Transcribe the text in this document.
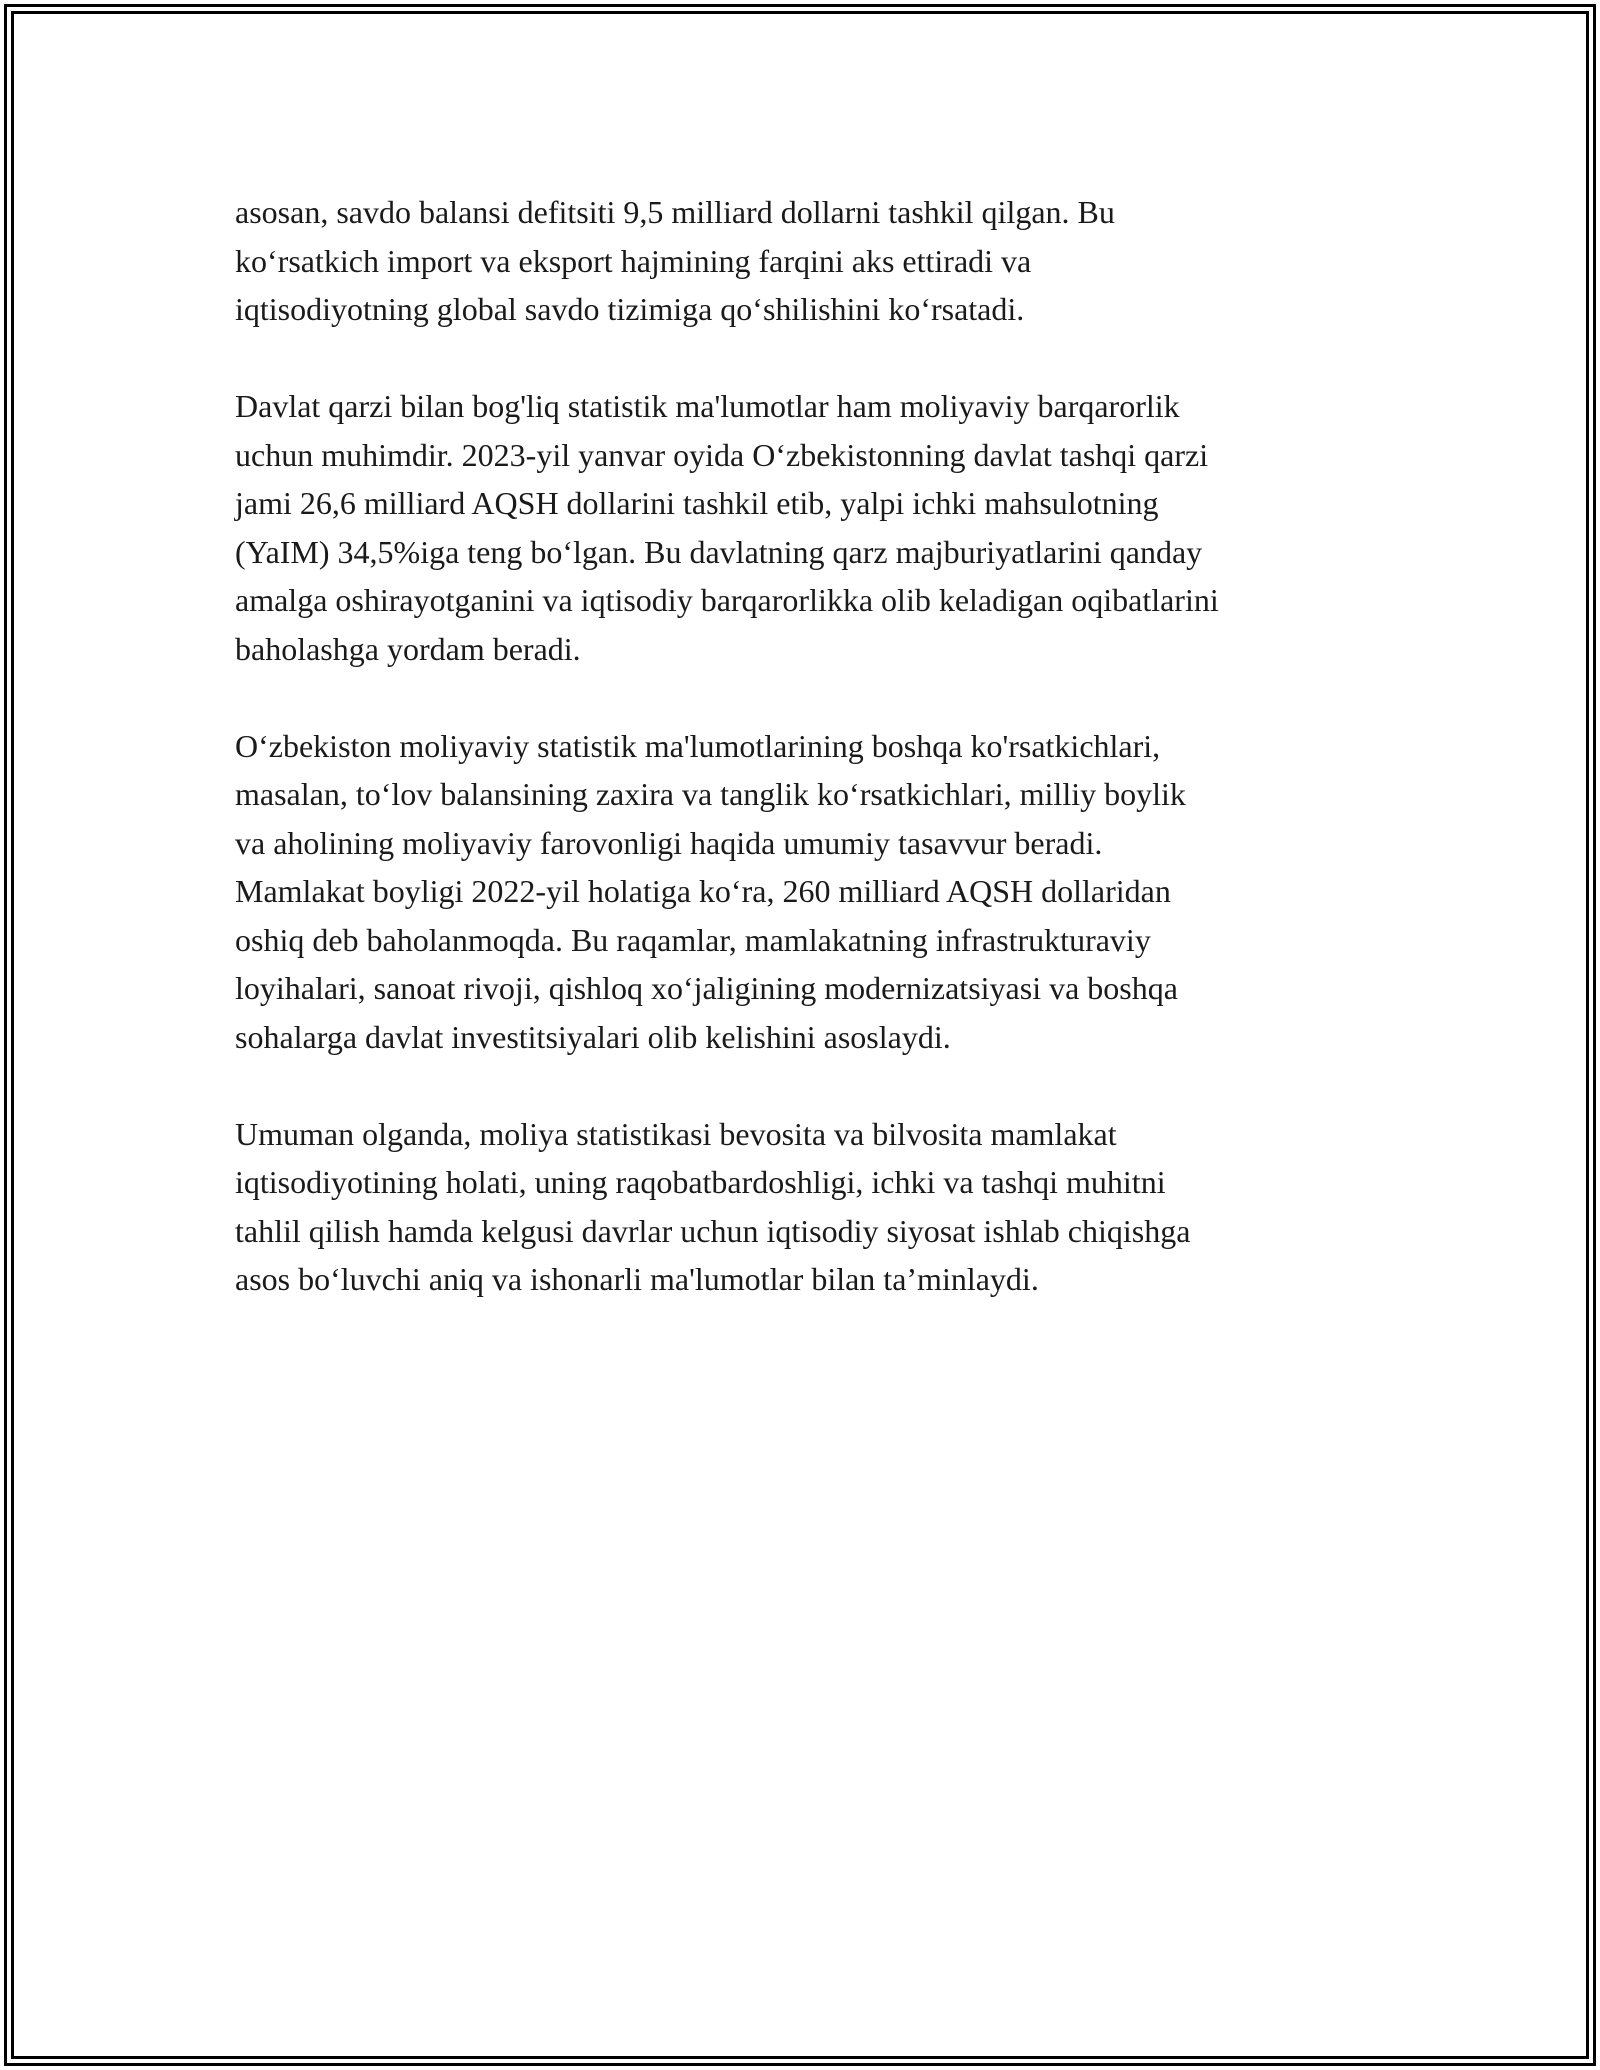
asosan, savdo balansi defitsiti 9,5 milliard dollarni tashkil qilgan. Bu
ko‘rsatkich import va eksport hajmining farqini aks ettiradi va
iqtisodiyotning global savdo tizimiga qo‘shilishini ko‘rsatadi.

Davlat qarzi bilan bog'liq statistik ma'lumotlar ham moliyaviy barqarorlik
uchun muhimdir. 2023-yil yanvar oyida O‘zbekistonning davlat tashqi qarzi
jami 26,6 milliard AQSH dollarini tashkil etib, yalpi ichki mahsulotning
(YaIM) 34,5%iga teng bo‘lgan. Bu davlatning qarz majburiyatlarini qanday
amalga oshirayotganini va iqtisodiy barqarorlikka olib keladigan oqibatlarini
baholashga yordam beradi.

O‘zbekiston moliyaviy statistik ma'lumotlarining boshqa ko'rsatkichlari,
masalan, to‘lov balansining zaxira va tanglik ko‘rsatkichlari, milliy boylik
va aholining moliyaviy farovonligi haqida umumiy tasavvur beradi.
Mamlakat boyligi 2022-yil holatiga ko‘ra, 260 milliard AQSH dollaridan
oshiq deb baholanmoqda. Bu raqamlar, mamlakatning infrastrukturaviy
loyihalari, sanoat rivoji, qishloq xo‘jaligining modernizatsiyasi va boshqa
sohalarga davlat investitsiyalari olib kelishini asoslaydi.

Umuman olganda, moliya statistikasi bevosita va bilvosita mamlakat
iqtisodiyotining holati, uning raqobatbardoshligi, ichki va tashqi muhitni
tahlil qilish hamda kelgusi davrlar uchun iqtisodiy siyosat ishlab chiqishga
asos bo‘luvchi aniq va ishonarli ma'lumotlar bilan ta’minlaydi.
